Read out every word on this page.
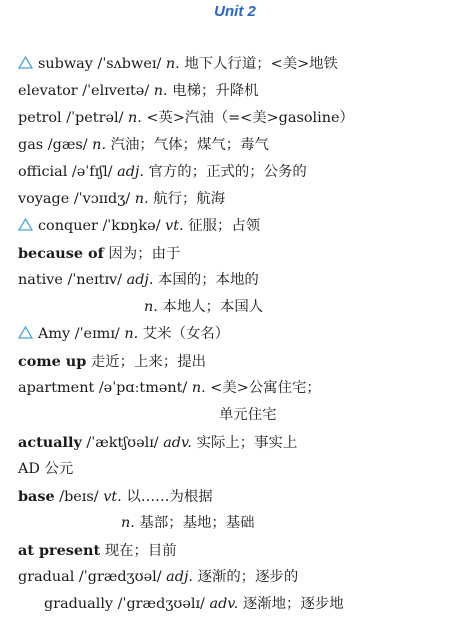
Unit 2
subway /ˈsʌbweɪ/ n. 地下人行道；<美>地铁
elevator /ˈelɪveɪtə/ n. 电梯；升降机
petrol /ˈpetrəl/ n. <英>汽油（=<美>gasoline）
gas /gæs/ n. 汽油；气体；煤气；毒气
official /əˈfɪʃl/ adj. 官方的；正式的；公务的
voyage /ˈvɔɪɪdʒ/ n. 航行；航海
conquer /ˈkɒŋkə/ vt. 征服；占领
because of 因为；由于
native /ˈneɪtɪv/ adj. 本国的；本地的
n. 本地人；本国人
Amy /ˈeɪmɪ/ n. 艾米（女名）
come up 走近；上来；提出
apartment /əˈpɑːtmənt/ n. <美>公寓住宅；
单元住宅
actually /ˈæktʃʊəlɪ/ adv. 实际上；事实上
AD 公元
base /beɪs/ vt. 以……为根据
n. 基部；基地；基础
at present 现在；目前
gradual /ˈgrædʒʊəl/ adj. 逐渐的；逐步的
gradually /ˈgrædʒʊəlɪ/ adv. 逐渐地；逐步地
